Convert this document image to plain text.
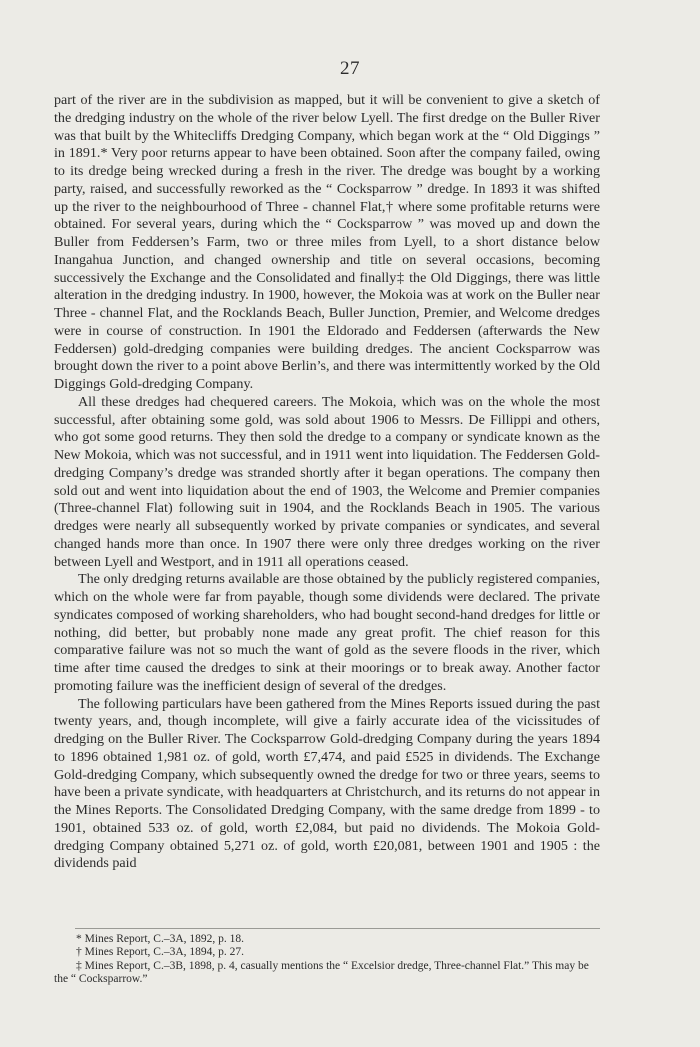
27

part of the river are in the subdivision as mapped, but it will be convenient to give a sketch of the dredging industry on the whole of the river below Lyell. The first dredge on the Buller River was that built by the Whitecliffs Dredging Company, which began work at the “ Old Diggings ” in 1891.* Very poor returns appear to have been obtained. Soon after the company failed, owing to its dredge being wrecked during a fresh in the river. The dredge was bought by a working party, raised, and successfully reworked as the “ Cocksparrow ” dredge. In 1893 it was shifted up the river to the neighbourhood of Three - channel Flat,† where some profitable returns were obtained. For several years, during which the “ Cocksparrow ” was moved up and down the Buller from Feddersen’s Farm, two or three miles from Lyell, to a short distance below Inangahua Junction, and changed ownership and title on several occasions, becoming successively the Exchange and the Consolidated and finally‡ the Old Diggings, there was little alteration in the dredging industry. In 1900, however, the Mokoia was at work on the Buller near Three - channel Flat, and the Rocklands Beach, Buller Junction, Premier, and Welcome dredges were in course of construction. In 1901 the Eldorado and Feddersen (afterwards the New Feddersen) gold-dredging companies were building dredges. The ancient Cocksparrow was brought down the river to a point above Berlin’s, and there was intermittently worked by the Old Diggings Gold-dredging Company.

All these dredges had chequered careers. The Mokoia, which was on the whole the most successful, after obtaining some gold, was sold about 1906 to Messrs. De Fillippi and others, who got some good returns. They then sold the dredge to a company or syndicate known as the New Mokoia, which was not successful, and in 1911 went into liquidation. The Feddersen Gold-dredging Company’s dredge was stranded shortly after it began operations. The company then sold out and went into liquidation about the end of 1903, the Welcome and Premier companies (Three-channel Flat) following suit in 1904, and the Rocklands Beach in 1905. The various dredges were nearly all subsequently worked by private companies or syndicates, and several changed hands more than once. In 1907 there were only three dredges working on the river between Lyell and Westport, and in 1911 all operations ceased.

The only dredging returns available are those obtained by the publicly registered companies, which on the whole were far from payable, though some dividends were declared. The private syndicates composed of working shareholders, who had bought second-hand dredges for little or nothing, did better, but probably none made any great profit. The chief reason for this comparative failure was not so much the want of gold as the severe floods in the river, which time after time caused the dredges to sink at their moorings or to break away. Another factor promoting failure was the inefficient design of several of the dredges.

The following particulars have been gathered from the Mines Reports issued during the past twenty years, and, though incomplete, will give a fairly accurate idea of the vicissitudes of dredging on the Buller River. The Cocksparrow Gold-dredging Company during the years 1894 to 1896 obtained 1,981 oz. of gold, worth £7,474, and paid £525 in dividends. The Exchange Gold-dredging Company, which subsequently owned the dredge for two or three years, seems to have been a private syndicate, with headquarters at Christchurch, and its returns do not appear in the Mines Reports. The Consolidated Dredging Company, with the same dredge from 1899 - to 1901, obtained 533 oz. of gold, worth £2,084, but paid no dividends. The Mokoia Gold-dredging Company obtained 5,271 oz. of gold, worth £20,081, between 1901 and 1905 : the dividends paid

* Mines Report, C.–3A, 1892, p. 18.

† Mines Report, C.–3A, 1894, p. 27.

‡ Mines Report, C.–3B, 1898, p. 4, casually mentions the “ Excelsior dredge, Three-channel Flat.” This may be the “ Cocksparrow.”
